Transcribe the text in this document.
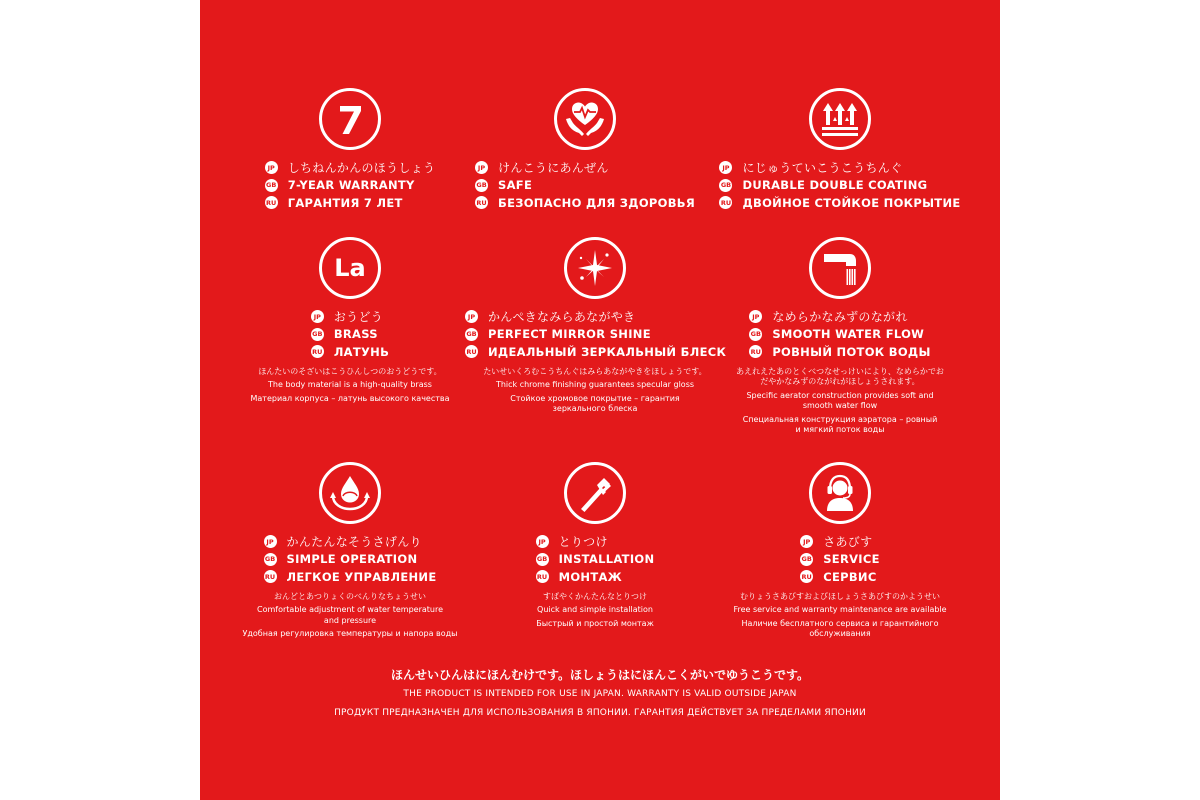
JP しちねんかんのほうしょう
GB 7-YEAR WARRANTY
RU ГАРАНТИЯ 7 ЛЕТ
JP けんこうにあんぜん
GB SAFE
RU БЕЗОПАСНО ДЛЯ ЗДОРОВЬЯ
JP にじゅうていこうこうちんぐ
GB DURABLE DOUBLE COATING
RU ДВОЙНОЕ СТОЙКОЕ ПОКРЫТИЕ
La
JP おうどう
GB BRASS
RU ЛАТУНЬ
ほんたいのそざいはこうひんしつのおうどうです。
The body material is a high-quality brass
Материал корпуса – латунь высокого качества
JP かんぺきなみらあながやき
GB PERFECT MIRROR SHINE
RU ИДЕАЛЬНЫЙ ЗЕРКАЛЬНЫЙ БЛЕСК
たいせいくろむこうちんぐはみらあながやきをほしょうです。
Thick chrome finishing guarantees specular gloss
Стойкое хромовое покрытие – гарантия
зеркального блеска
JP なめらかなみずのながれ
GB SMOOTH WATER FLOW
RU РОВНЫЙ ПОТОК ВОДЫ
あえれえたあのとくべつなせっけいにより、なめらかでお
だやかなみずのながれがほしょうされます。
Specific aerator construction provides soft and
smooth water flow
Специальная конструкция аэратора – ровный
и мягкий поток воды
JP かんたんなそうさげんり
GB SIMPLE OPERATION
RU ЛЕГКОЕ УПРАВЛЕНИЕ
おんどとあつりょくのべんりなちょうせい
Comfortable adjustment of water temperature
and pressure
Удобная регулировка температуры и напора воды
JP とりつけ
GB INSTALLATION
RU МОНТАЖ
すばやくかんたんなとりつけ
Quick and simple installation
Быстрый и простой монтаж
JP さあびす
GB SERVICE
RU СЕРВИС
むりょうさあびすおよびほしょうさあびすのかようせい
Free service and warranty maintenance are available
Наличие бесплатного сервиса и гарантийного
обслуживания
ほんせいひんはにほんむけです。ほしょうはにほんこくがいでゆうこうです。
THE PRODUCT IS INTENDED FOR USE IN JAPAN. WARRANTY IS VALID OUTSIDE JAPAN
ПРОДУКТ ПРЕДНАЗНАЧЕН ДЛЯ ИСПОЛЬЗОВАНИЯ В ЯПОНИИ. ГАРАНТИЯ ДЕЙСТВУЕТ ЗА ПРЕДЕЛАМИ ЯПОНИИ
